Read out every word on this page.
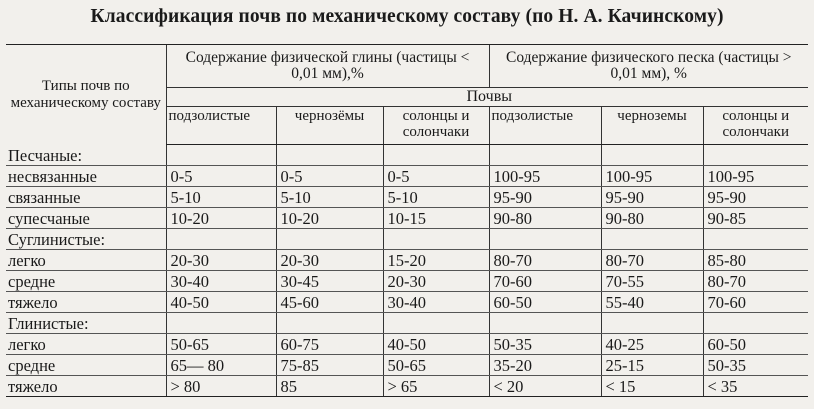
Классификация почв по механическому составу (по Н. А. Качинскому)
Типы почв по механическому составу	Содержание физической глины (частицы < 0,01 мм),%			Содержание физического песка (частицы > 0,01 мм), %		
	Почвы					
	подзолистые	чернозёмы	солонцы и солончаки	подзолистые	черноземы	солонцы и солончаки
Песчаные:						
несвязанные	0-5	0-5	0-5	100-95	100-95	100-95
связанные	5-10	5-10	5-10	95-90	95-90	95-90
супесчаные	10-20	10-20	10-15	90-80	90-80	90-85
Суглинистые:						
легко	20-30	20-30	15-20	80-70	80-70	85-80
средне	30-40	30-45	20-30	70-60	70-55	80-70
тяжело	40-50	45-60	30-40	60-50	55-40	70-60
Глинистые:						
легко	50-65	60-75	40-50	50-35	40-25	60-50
средне	65— 80	75-85	50-65	35-20	25-15	50-35
тяжело	> 80	85	> 65	< 20	< 15	< 35
